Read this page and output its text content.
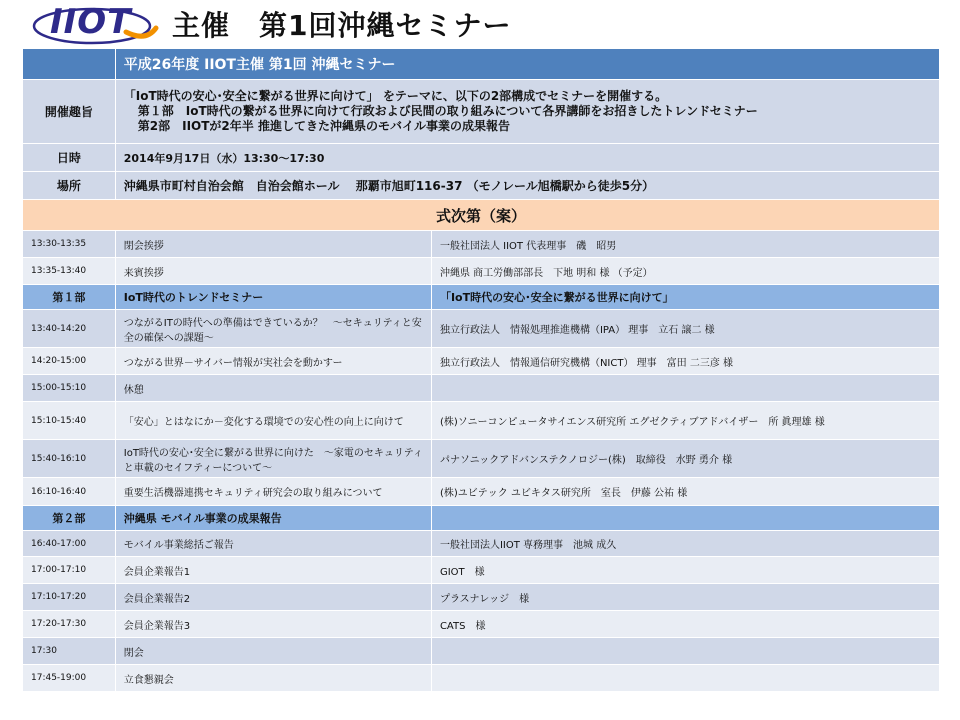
IIOT 主催　第1回沖縄セミナー
	平成26年度 IIOT主催 第1回 沖縄セミナー	
開催趣旨	「IoT時代の安心･安全に繋がる世界に向けて」 をテーマに、以下の2部構成でセミナーを開催する。
第１部　IoT時代の繋がる世界に向けて行政および民間の取り組みについて各界講師をお招きしたトレンドセミナー
第2部　IIOTが2年半 推進してきた沖縄県のモバイル事業の成果報告	

日時	2014年9月17日（水）13:30〜17:30	
場所	沖縄県市町村自治会館　自治会館ホール　 那覇市旭町116-37 （モノレール旭橋駅から徒歩5分）	
式次第（案）		
13:30-13:35	閉会挨拶	一般社団法人 IIOT 代表理事　磯　昭男
13:35-13:40	来賓挨拶	沖縄県 商工労働部部長　下地 明和 様 （予定）
第１部	IoT時代のトレンドセミナー	「IoT時代の安心･安全に繋がる世界に向けて」
13:40-14:20	つながるITの時代への準備はできているか？　～セキュリティと安全の確保への課題～	独立行政法人　情報処理推進機構（IPA） 理事　立石 譲二 様
14:20-15:00	つながる世界－サイバー情報が実社会を動かすー	独立行政法人　情報通信研究機構（NICT） 理事　富田 二三彦 様
15:00-15:10	休憩	
15:10-15:40	「安心」とはなにか－変化する環境での安心性の向上に向けて	(株)ソニーコンピュータサイエンス研究所 エグゼクティブアドバイザー　所 眞理雄 様
15:40-16:10	IoT時代の安心･安全に繋がる世界に向けた　～家電のセキュリティと車載のセイフティーについて～	パナソニックアドバンステクノロジー(株)　取締役　水野 勇介 様
16:10-16:40	重要生活機器連携セキュリティ研究会の取り組みについて	(株)ユビテック ユビキタス研究所　室長　伊藤 公祐 様
第２部	沖縄県 モバイル事業の成果報告	
16:40-17:00	モバイル事業総括ご報告	一般社団法人IIOT 専務理事　池城 成久
17:00-17:10	会員企業報告1	GIOT　様
17:10-17:20	会員企業報告2	プラスナレッジ　様
17:20-17:30	会員企業報告3	CATS　様
17:30	閉会	
17:45-19:00	立食懇親会	
